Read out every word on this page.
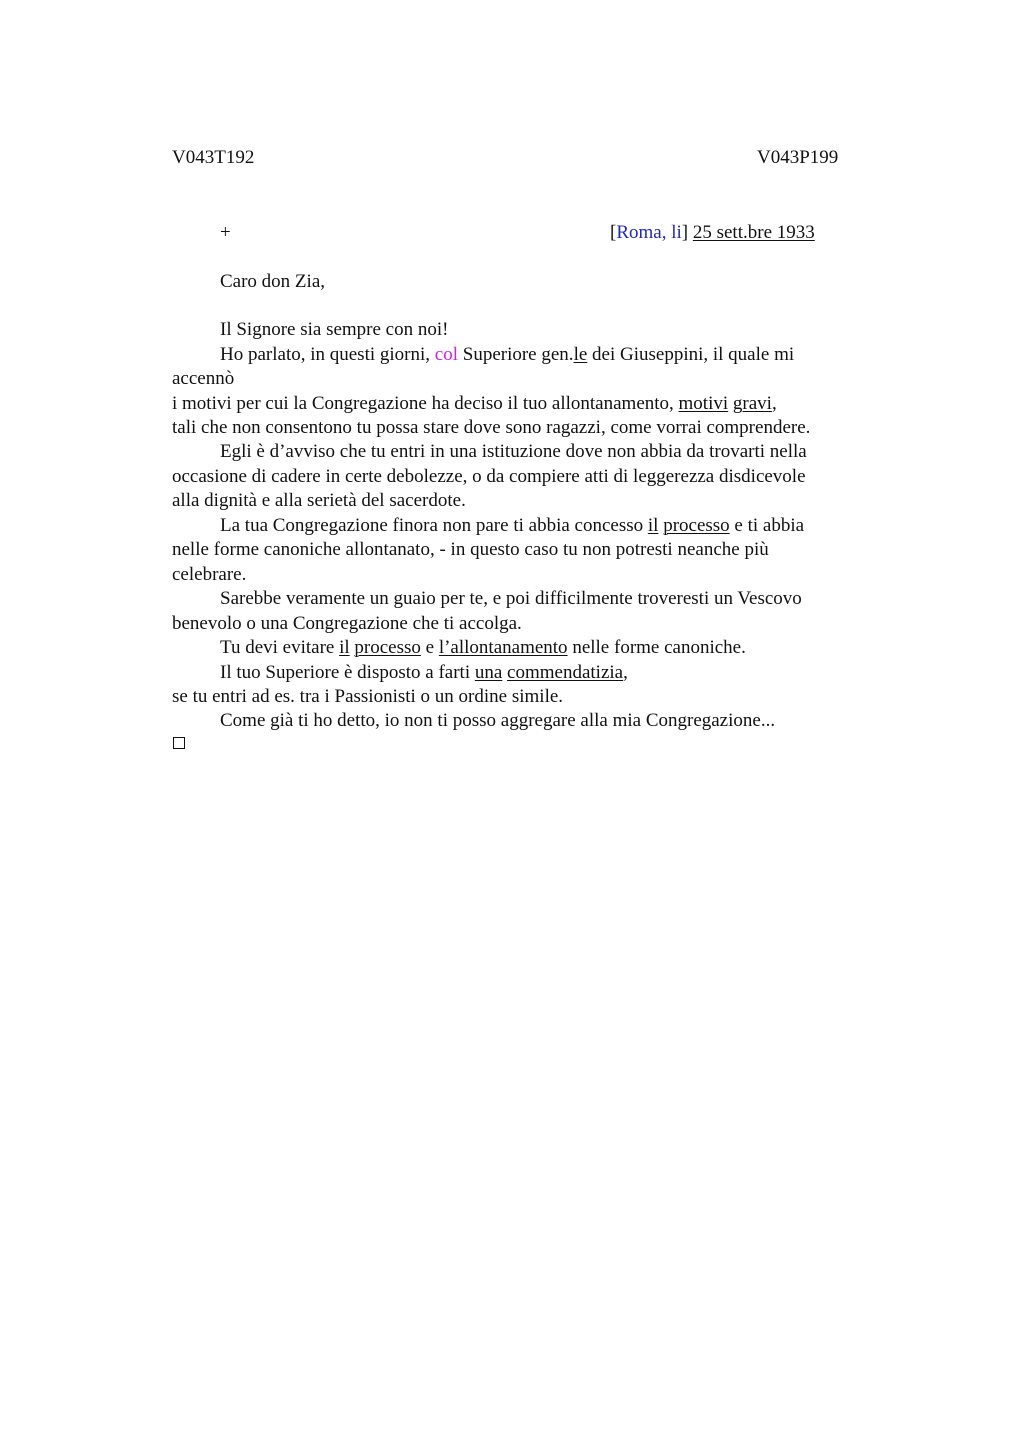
V043T192	V043P199
+	[Roma, li] 25 sett.bre 1933
Caro don Zia,
Il Signore sia sempre con noi!
Ho parlato, in questi giorni, col Superiore gen.le dei Giuseppini, il quale mi
accennò
i motivi per cui la Congregazione ha deciso il tuo allontanamento, motivi gravi,
tali che non consentono tu possa stare dove sono ragazzi, come vorrai comprendere.
Egli è d’avviso che tu entri in una istituzione dove non abbia da trovarti nella
occasione di cadere in certe debolezze, o da compiere atti di leggerezza disdicevole
alla dignità e alla serietà del sacerdote.
La tua Congregazione finora non pare ti abbia concesso il processo e ti abbia
nelle forme canoniche allontanato, - in questo caso tu non potresti neanche più
celebrare.
Sarebbe veramente un guaio per te, e poi difficilmente troveresti un Vescovo
benevolo o una Congregazione che ti accolga.
Tu devi evitare il processo e l’allontanamento nelle forme canoniche.
Il tuo Superiore è disposto a farti una commendatizia,
se tu entri ad es. tra i Passionisti o un ordine simile.
Come già ti ho detto, io non ti posso aggregare alla mia Congregazione...
